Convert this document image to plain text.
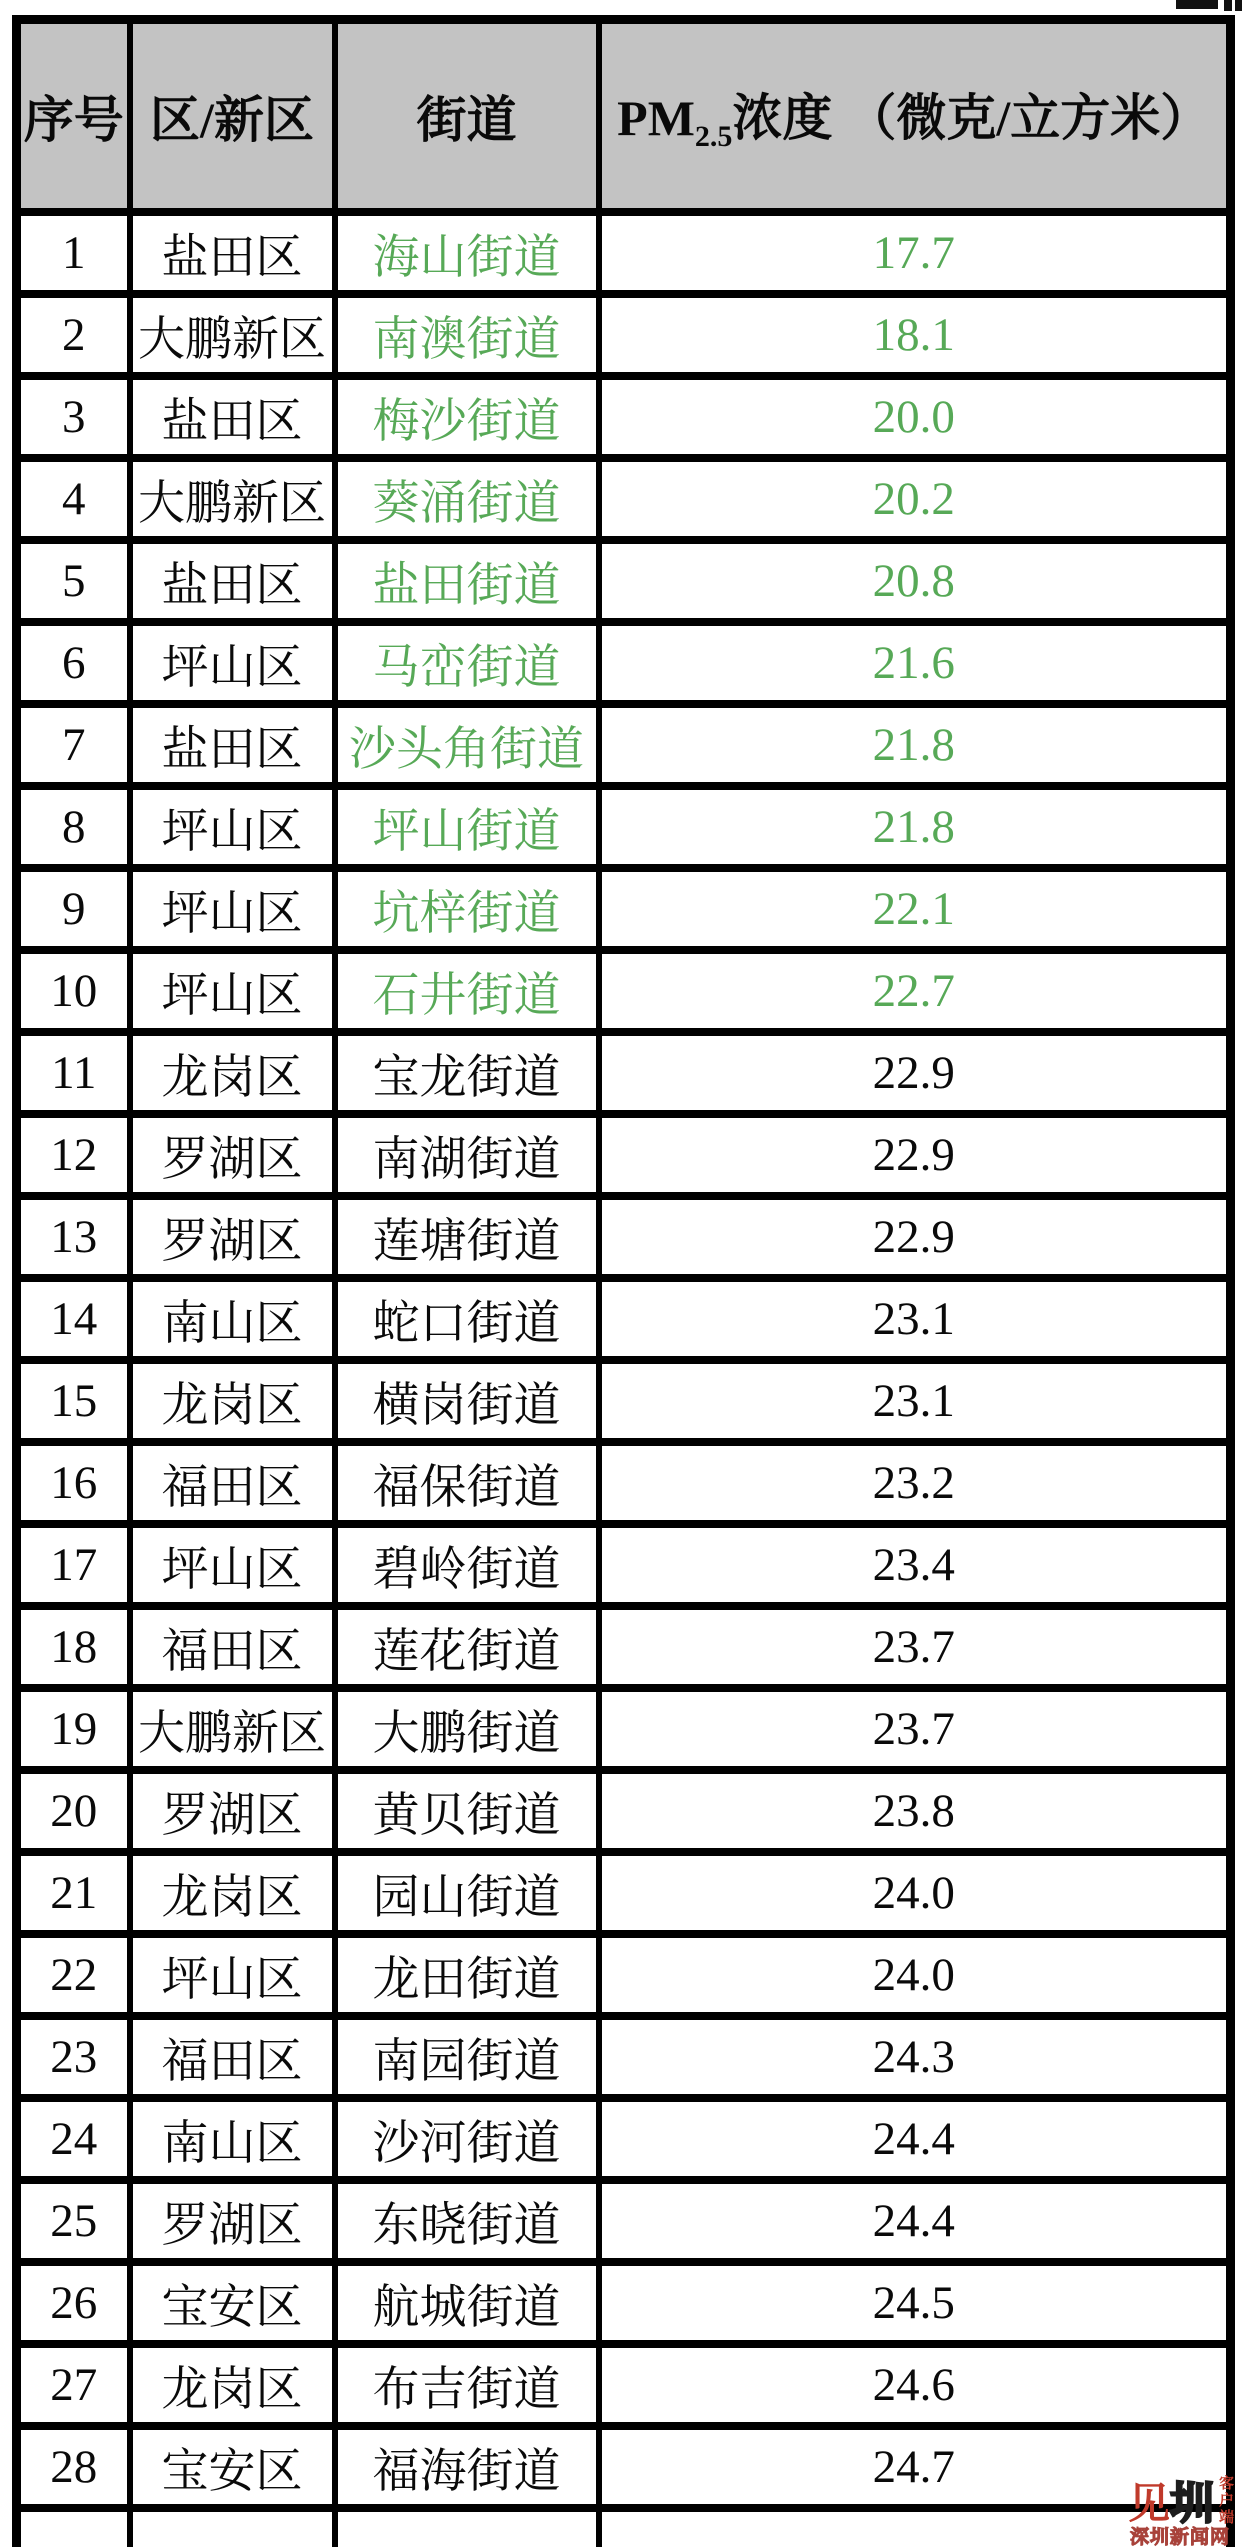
序号	区/新区	街道	$PM_{2.5}$浓度 （微克/立方米）
1	盐田区	海山街道	17.7
2	大鹏新区	南澳街道	18.1
3	盐田区	梅沙街道	20.0
4	大鹏新区	葵涌街道	20.2
5	盐田区	盐田街道	20.8
6	坪山区	马峦街道	21.6
7	盐田区	沙头角街道	21.8
8	坪山区	坪山街道	21.8
9	坪山区	坑梓街道	22.1
10	坪山区	石井街道	22.7
11	龙岗区	宝龙街道	22.9
12	罗湖区	南湖街道	22.9
13	罗湖区	莲塘街道	22.9
14	南山区	蛇口街道	23.1
15	龙岗区	横岗街道	23.1
16	福田区	福保街道	23.2
17	坪山区	碧岭街道	23.4
18	福田区	莲花街道	23.7
19	大鹏新区	大鹏街道	23.7
20	罗湖区	黄贝街道	23.8
21	龙岗区	园山街道	24.0
22	坪山区	龙田街道	24.0
23	福田区	南园街道	24.3
24	南山区	沙河街道	24.4
25	罗湖区	东晓街道	24.4
26	宝安区	航城街道	24.5
27	龙岗区	布吉街道	24.6
28	宝安区	福海街道	24.7

见 圳 客户端
深圳新闻网
